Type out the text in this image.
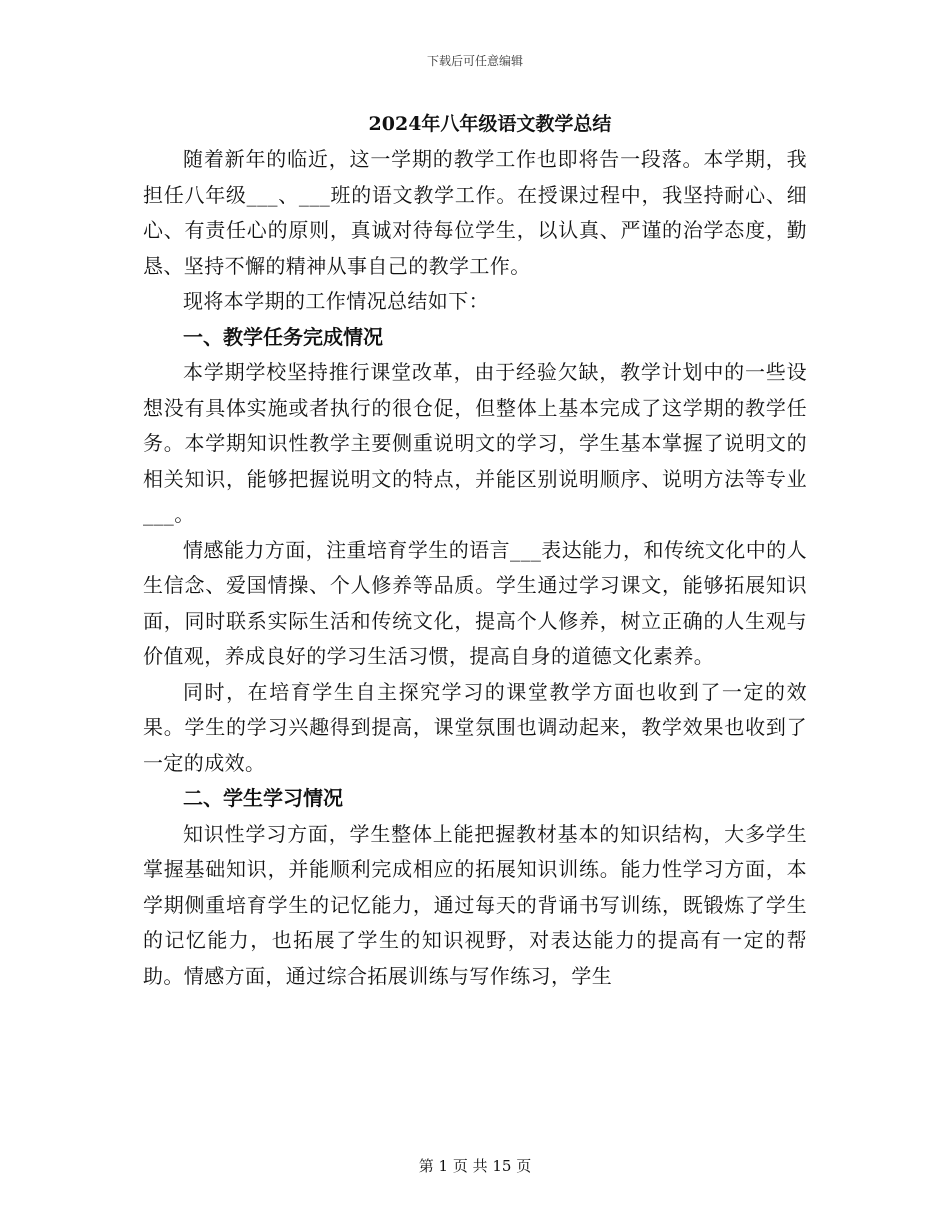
下载后可任意编辑
2024年八年级语文教学总结

随着新年的临近，这一学期的教学工作也即将告一段落。本学期，我担任八年级___、___班的语文教学工作。在授课过程中，我坚持耐心、细心、有责任心的原则，真诚对待每位学生，以认真、严谨的治学态度，勤恳、坚持不懈的精神从事自己的教学工作。

现将本学期的工作情况总结如下：

一、教学任务完成情况

本学期学校坚持推行课堂改革，由于经验欠缺，教学计划中的一些设想没有具体实施或者执行的很仓促，但整体上基本完成了这学期的教学任务。本学期知识性教学主要侧重说明文的学习，学生基本掌握了说明文的相关知识，能够把握说明文的特点，并能区别说明顺序、说明方法等专业___。

情感能力方面，注重培育学生的语言___表达能力，和传统文化中的人生信念、爱国情操、个人修养等品质。学生通过学习课文，能够拓展知识面，同时联系实际生活和传统文化，提高个人修养，树立正确的人生观与价值观，养成良好的学习生活习惯，提高自身的道德文化素养。

同时，在培育学生自主探究学习的课堂教学方面也收到了一定的效果。学生的学习兴趣得到提高，课堂氛围也调动起来，教学效果也收到了一定的成效。

二、学生学习情况

知识性学习方面，学生整体上能把握教材基本的知识结构，大多学生掌握基础知识，并能顺利完成相应的拓展知识训练。能力性学习方面，本学期侧重培育学生的记忆能力，通过每天的背诵书写训练，既锻炼了学生的记忆能力，也拓展了学生的知识视野，对表达能力的提高有一定的帮助。情感方面，通过综合拓展训练与写作练习，学生

第 1 页 共 15 页
